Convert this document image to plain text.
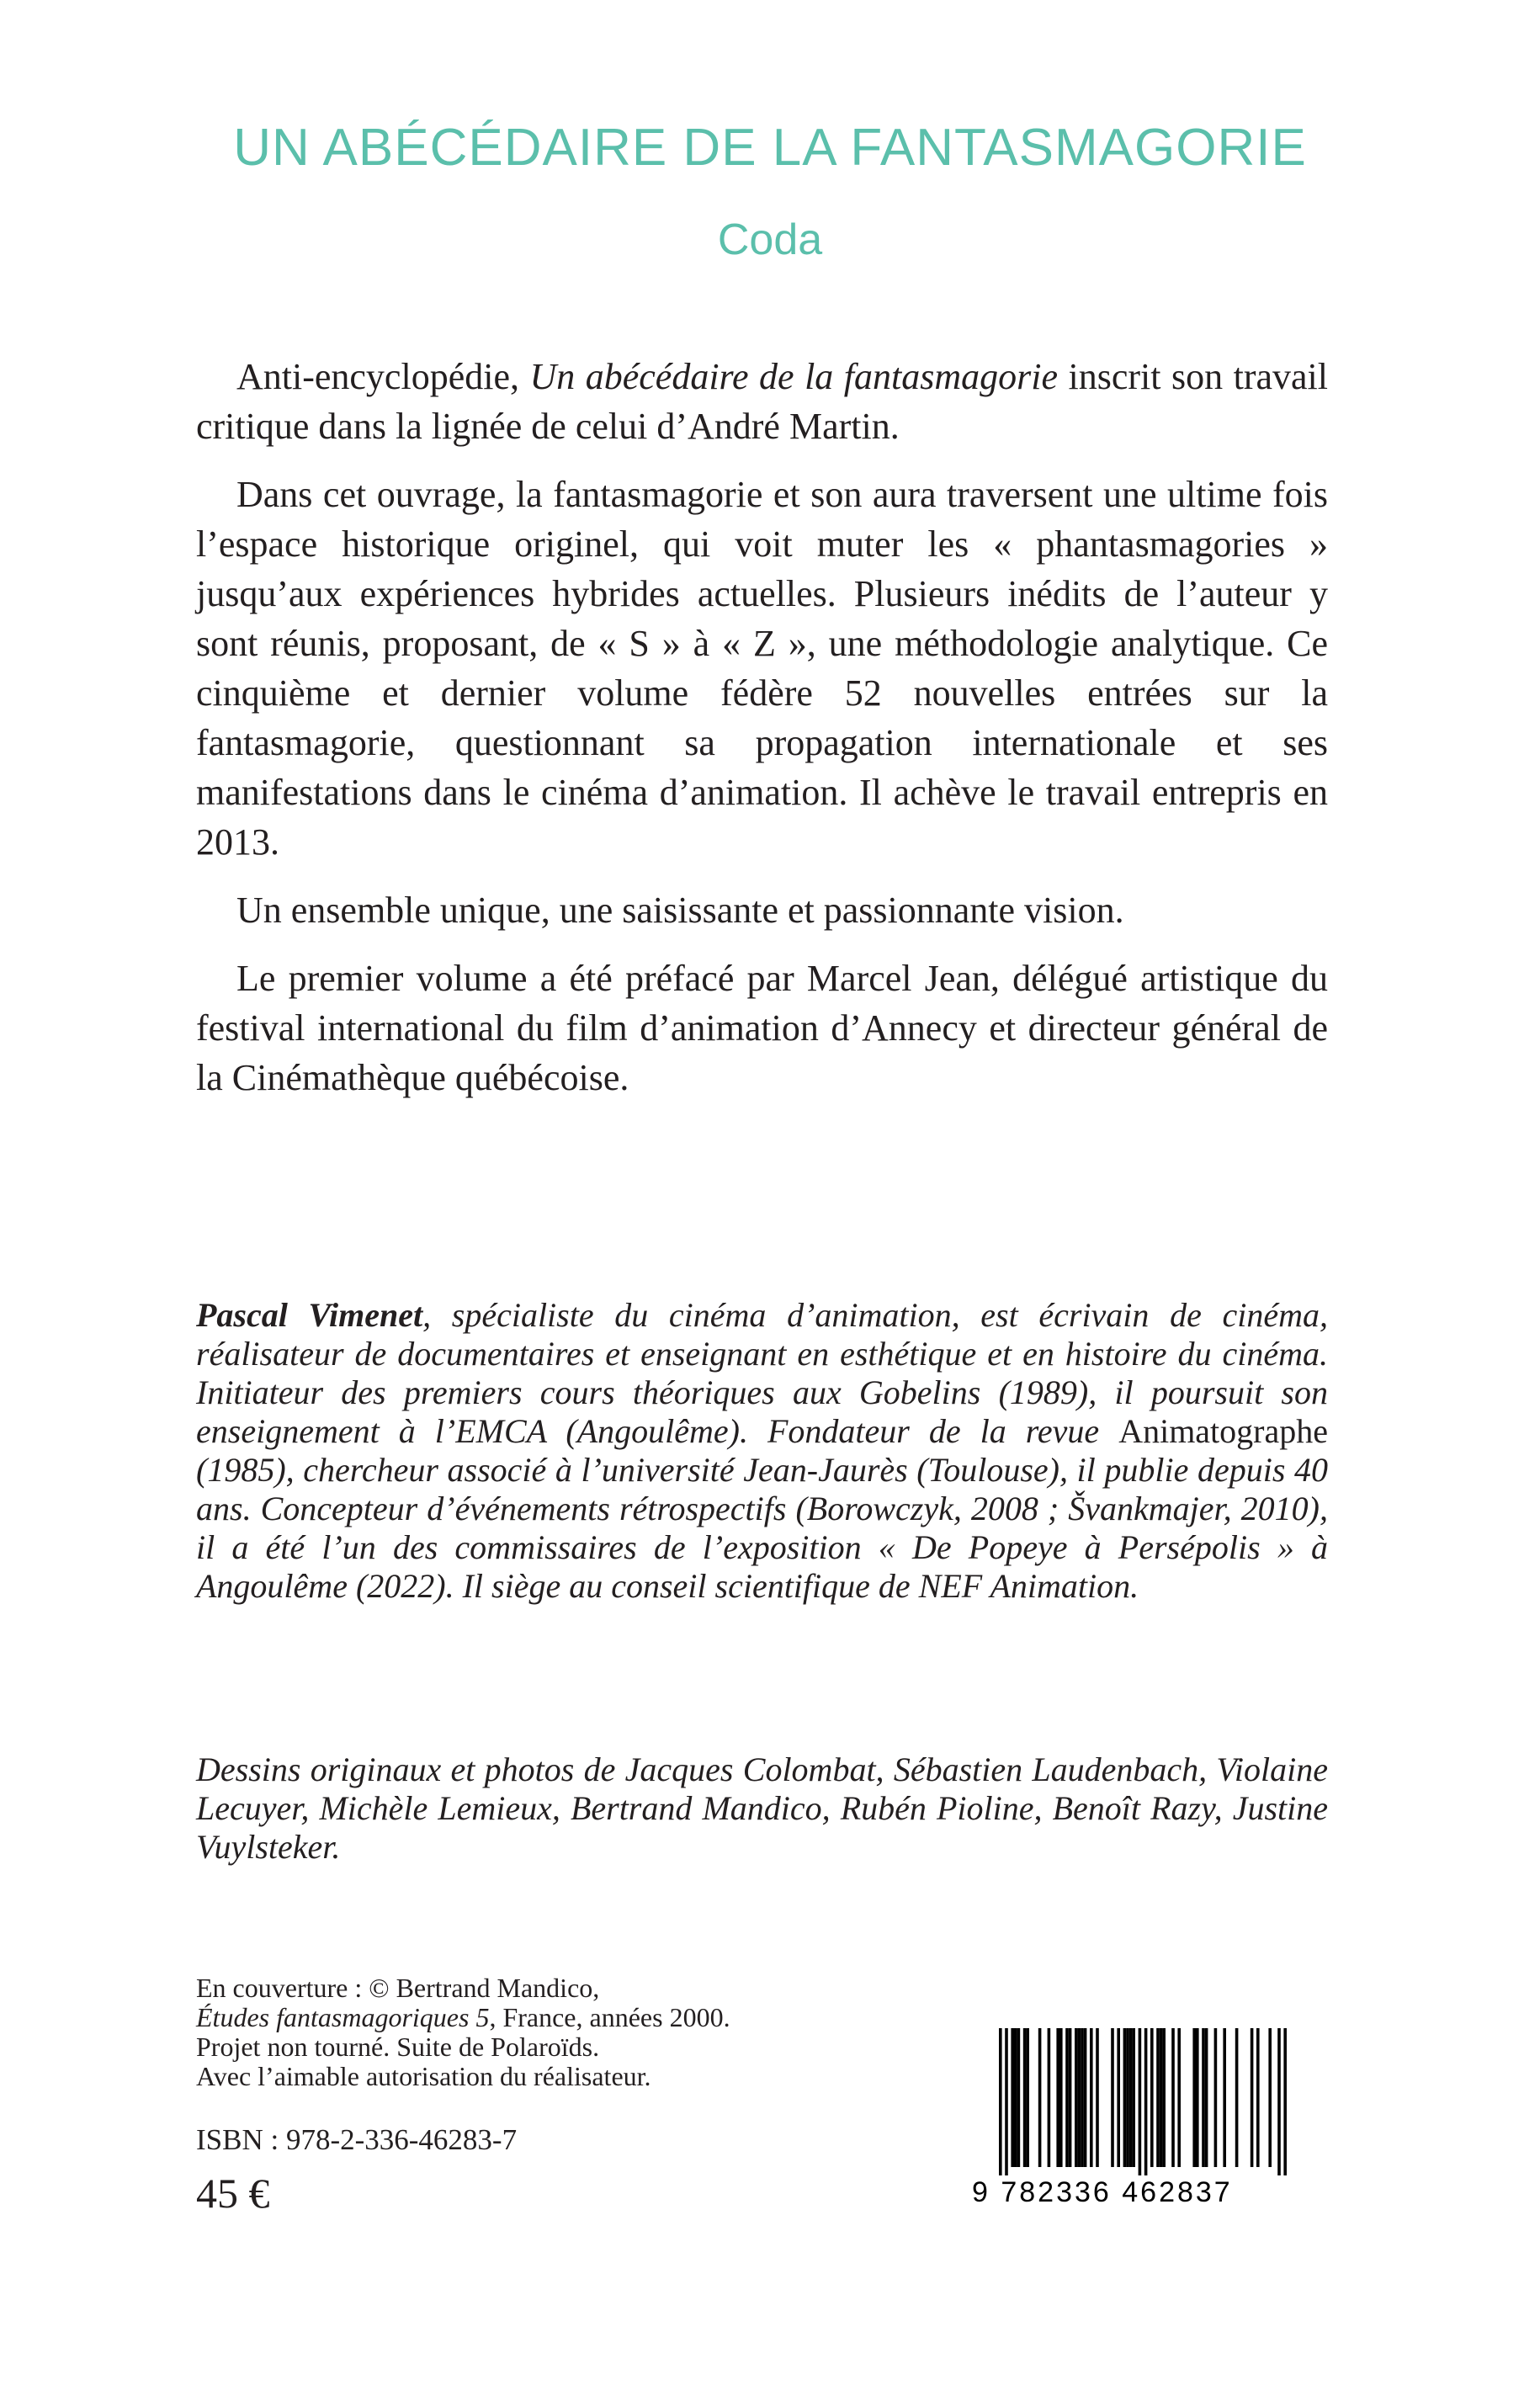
UN ABÉCÉDAIRE DE LA FANTASMAGORIE
Coda

Anti-encyclopédie, Un abécédaire de la fantasmagorie inscrit son travail critique dans la lignée de celui d’André Martin.

Dans cet ouvrage, la fantasmagorie et son aura traversent une ultime fois l’espace historique originel, qui voit muter les « phantasmagories » jusqu’aux expériences hybrides actuelles. Plusieurs inédits de l’auteur y sont réunis, proposant, de « S » à « Z », une méthodologie analytique. Ce cinquième et dernier volume fédère 52 nouvelles entrées sur la fantasmagorie, questionnant sa propagation internationale et ses manifestations dans le cinéma d’animation. Il achève le travail entrepris en 2013.

Un ensemble unique, une saisissante et passionnante vision.

Le premier volume a été préfacé par Marcel Jean, délégué artistique du festival international du film d’animation d’Annecy et directeur général de la Cinémathèque québécoise.

Pascal Vimenet, spécialiste du cinéma d’animation, est écrivain de cinéma, réalisateur de documentaires et enseignant en esthétique et en histoire du cinéma. Initiateur des premiers cours théoriques aux Gobelins (1989), il poursuit son enseignement à l’EMCA (Angoulême). Fondateur de la revue Animatographe (1985), chercheur associé à l’université Jean-Jaurès (Toulouse), il publie depuis 40 ans. Concepteur d’événements rétrospectifs (Borowczyk, 2008 ; Švankmajer, 2010), il a été l’un des commissaires de l’exposition « De Popeye à Persépolis » à Angoulême (2022). Il siège au conseil scientifique de NEF Animation.
Dessins originaux et photos de Jacques Colombat, Sébastien Laudenbach, Violaine Lecuyer, Michèle Lemieux, Bertrand Mandico, Rubén Pioline, Benoît Razy, Justine Vuylsteker.
En couverture : © Bertrand Mandico,
Études fantasmagoriques 5, France, années 2000.
Projet non tourné. Suite de Polaroïds.
Avec l’aimable autorisation du réalisateur.
ISBN : 978-2-336-46283-7
45 €	9 782336 462837
